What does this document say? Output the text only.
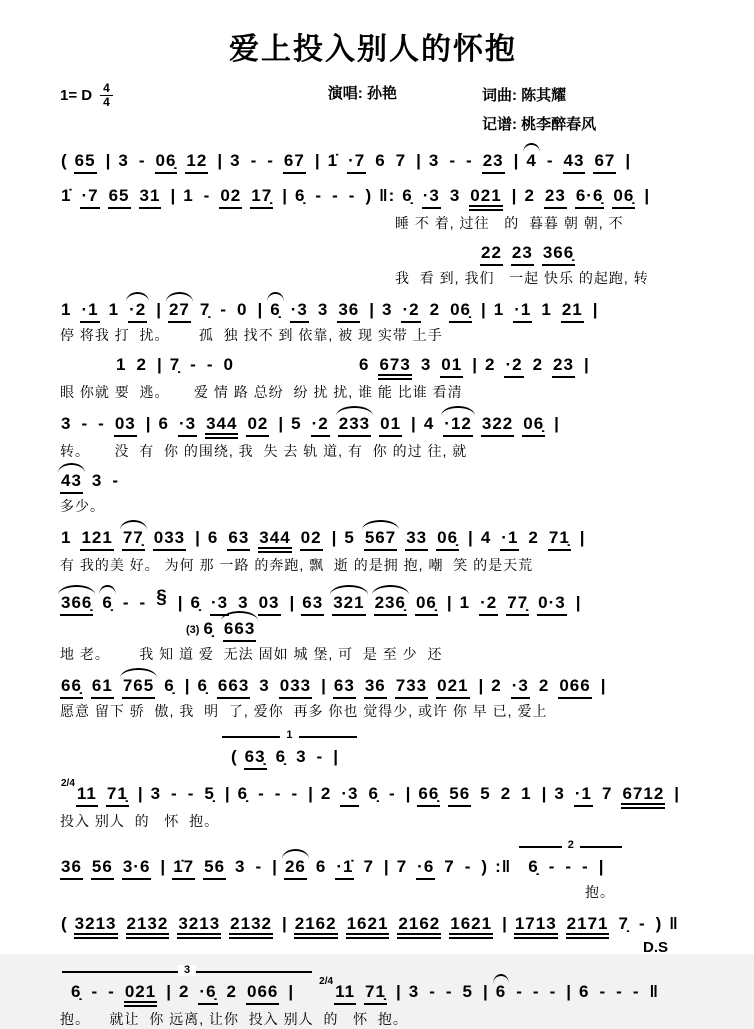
爱上投入别人的怀抱
1= D $\frac{4}{4}$	演唱: 孙艳	词曲: 陈其耀
记谱: 桃李醉春风
( 65 | 3 - 06̣ 12 | 3 - - 67 | 1̇ ·7 6 7 | 3 - - 23 | 4 - 43 67 |
1̇ ·7 65 31 | 1 - 02 17̣ | 6̣ - - - ) ‖: 6̣ ·3 3 021 | 2 23 6·6̣ 06̣ |
睡 不 着, 过往   的  暮暮 朝 朝, 不
22 23 366̣
我  看 到, 我们   一起 快乐 的起跑, 转
1 ·1 1 ·2 | 27 7̣ - 0 | 6̣ ·3 3 36 | 3 ·2 2 06̣ | 1 ·1 1 21 |
停 将我 打  扰。      孤  独 找不 到 依靠, 被 现 实带 上手
1 2 | 7̣ - - 0	6 673 3 01 | 2 ·2 2 23 |
眼 你就 要  逃。     爱 情 路 总纷  纷 扰 扰, 谁 能 比谁 看清
3 - - 03 | 6 ·3 344 02 | 5 ·2 233 01 | 4 ·12 322 06̣ |
转。     没  有  你 的围绕, 我  失 去 轨 道, 有  你 的过 往, 就
43 3 -
多少。
1 121 77̣ 033 | 6 63 344 02 | 5 567 33 06̣ | 4 ·1 2 71̣ |
有 我的美 好。 为何 那 一路 的奔跑, 飘  逝 的是拥 抱, 嘲  笑 的是天荒
366̣ 6̣ - - § | 6̣ ·3 3 03 | 63 321 236̣ 06̣ | 1 ·2 77̣ 0·3 |
(3) 6̣ 663
地 老。      我 知 道 爱  无法 固如 城 堡, 可  是 至 少  还
66̣ 61 765 6̣ | 6̣ 663 3 033 | 63 36 733 021 | 2 ·3 2 066 |
愿意 留下 骄  傲, 我  明  了, 爱你  再多 你也 觉得少, 或许 你 早 已, 爱上
1 ( 63̣ 6̣ 3 - |
2/411 71̣ | 3 - - 5̣ | 6̣ - - - | 2 ·3 6̣ - | 66̣ 56 5 2 1 | 3 ·1 7 6712 |
投入 别人  的   怀  抱。
36 56 3·6 | 1̇7 56 3 - | 26 6 ·1̇ 7 | 7 ·6 7 - ) :‖ 2 6̣ - - - |
抱。
( 3213 2132 3213 2132 | 2162 1621 2162 1621 | 1713 2171 7̣ - ) ‖
D.S
3 6̣ - - 021 | 2 ·6̣ 2 066 |2/411 71̣ | 3 - - 5 | 6 - - - | 6 - - - ‖
抱。    就让  你 远离, 让你  投入 别人  的   怀  抱。
